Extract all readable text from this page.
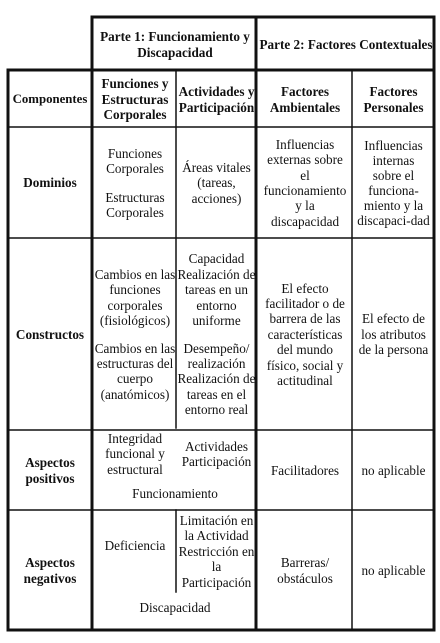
Parte 1: Funcionamiento y Discapacidad
Parte 2: Factores Contextuales
Componentes
Funciones y Estructuras Corporales
Actividades y Participación
Factores Ambientales
Factores Personales
Dominios
Funciones Corporales
Estructuras Corporales
Áreas vitales (tareas, acciones)
Influencias externas sobre el funcionamiento y la discapacidad
Influencias internas sobre el funciona-miento y la discapaci-dad
Constructos
Cambios en las funciones corporales (fisiológicos)
Cambios en las estructuras del cuerpo (anatómicos)
Capacidad Realización de tareas en un entorno uniforme
Desempeño/ realización Realización de tareas en el entorno real
El efecto facilitador o de barrera de las características del mundo físico, social y actitudinal
El efecto de los atributos de la persona
Aspectos positivos
Integridad funcional y estructural
Actividades Participación
Funcionamiento
Facilitadores no aplicable
Aspectos negativos
Deficiencia
Limitación en la Actividad Restricción en la Participación
Discapacidad
Barreras/ obstáculos
no aplicable
